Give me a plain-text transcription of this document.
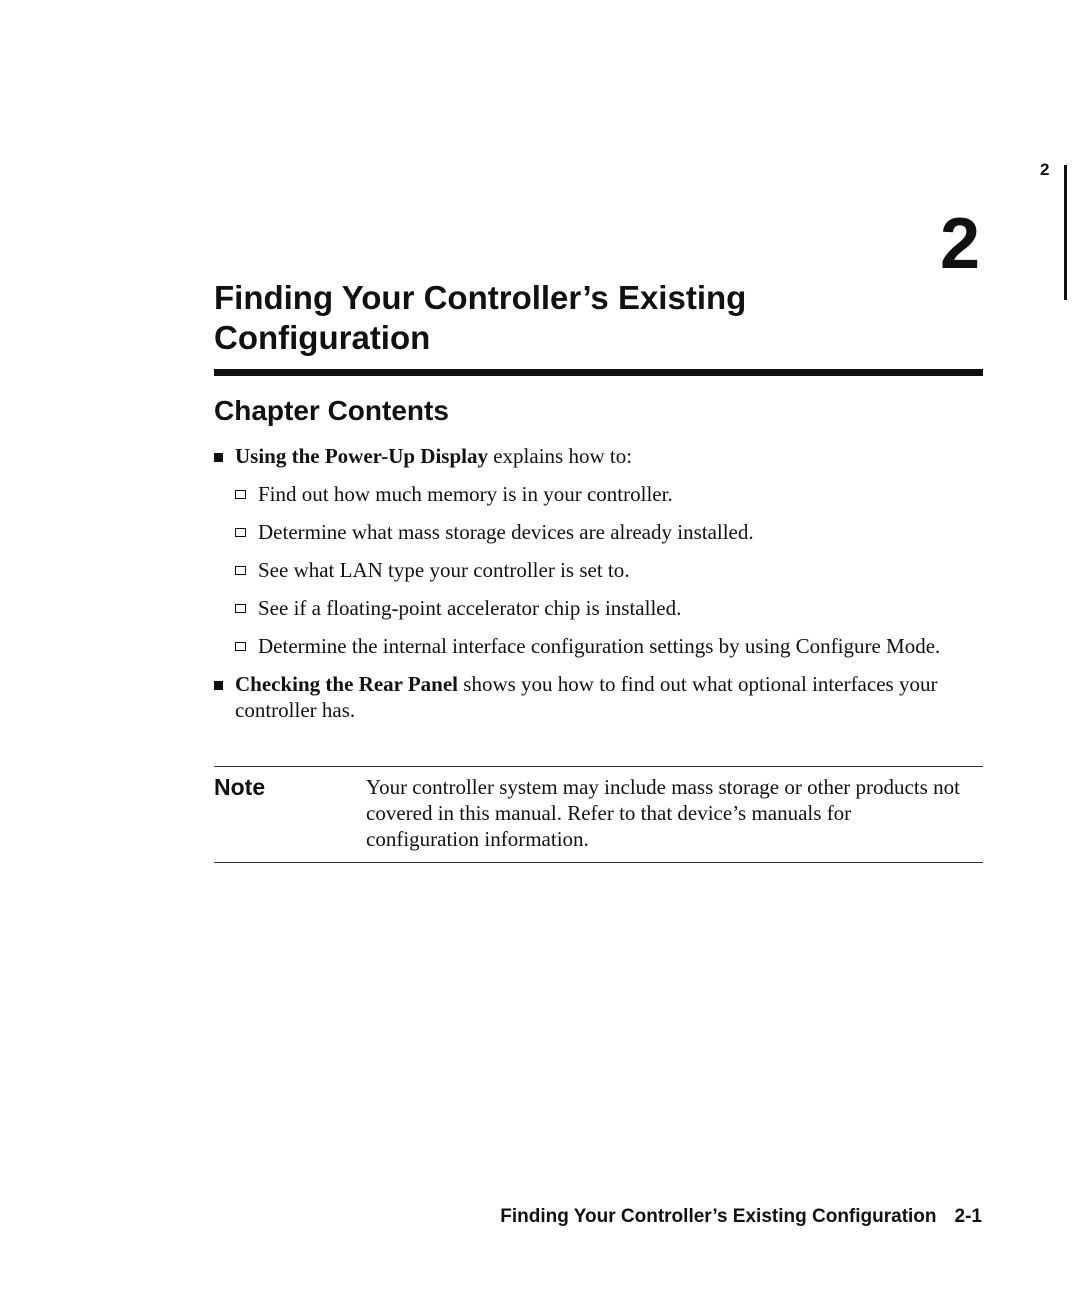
2
2
Finding Your Controller’s Existing
Configuration
Chapter Contents
Using the Power-Up Display explains how to:
Find out how much memory is in your controller.
Determine what mass storage devices are already installed.
See what LAN type your controller is set to.
See if a floating-point accelerator chip is installed.
Determine the internal interface configuration settings by using Configure Mode.
Checking the Rear Panel shows you how to find out what optional interfaces your controller has.
Note	Your controller system may include mass storage or other products not covered in this manual. Refer to that device’s manuals for configuration information.
Finding Your Controller’s Existing Configuration 2-1
